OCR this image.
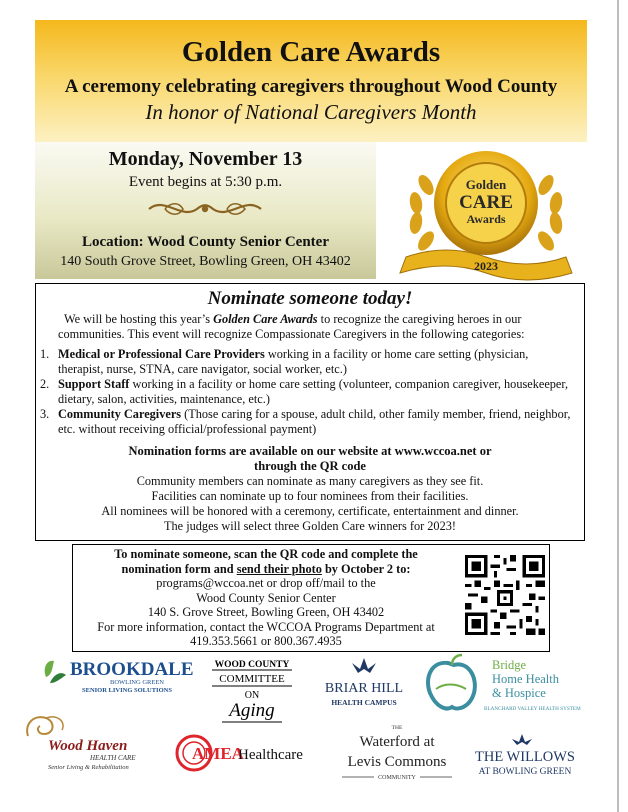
Golden Care Awards
A ceremony celebrating caregivers throughout Wood County
In honor of National Caregivers Month
Monday, November 13
Event begins at 5:30 p.m.
Location: Wood County Senior Center
140 South Grove Street, Bowling Green, OH 43402
Golden
CARE
Awards
2023
Nominate someone today!
We will be hosting this year’s Golden Care Awards to recognize the caregiving heroes in our communities. This event will recognize Compassionate Caregivers in the following categories:
1. Medical or Professional Care Providers working in a facility or home care setting (physician, therapist, nurse, STNA, care navigator, social worker, etc.)
2. Support Staff working in a facility or home care setting (volunteer, companion caregiver, housekeeper, dietary, salon, activities, maintenance, etc.)
3. Community Caregivers (Those caring for a spouse, adult child, other family member, friend, neighbor, etc. without receiving official/professional payment)
Nomination forms are available on our website at www.wccoa.net or
through the QR code
Community members can nominate as many caregivers as they see fit.
Facilities can nominate up to four nominees from their facilities.
All nominees will be honored with a ceremony, certificate, entertainment and dinner.
The judges will select three Golden Care winners for 2023!
To nominate someone, scan the QR code and complete the
nomination form and send their photo by October 2 to:
programs@wccoa.net or drop off/mail to the
Wood County Senior Center
140 S. Grove Street, Bowling Green, OH 43402
For more information, contact the WCCOA Programs Department at
419.353.5661 or 800.367.4935
BROOKDALE
BOWLING GREEN
SENIOR LIVING SOLUTIONS
WOOD COUNTY
COMMITTEE
ON
Aging
BRIAR HILL
HEALTH CAMPUS
Bridge
Home Health
& Hospice
BLANCHARD VALLEY HEALTH SYSTEM
Wood Haven
HEALTH CARE
Senior Living & Rehabilitation
AMEA
Healthcare
THE
Waterford at
Levis Commons
COMMUNITY
THE WILLOWS
AT BOWLING GREEN
